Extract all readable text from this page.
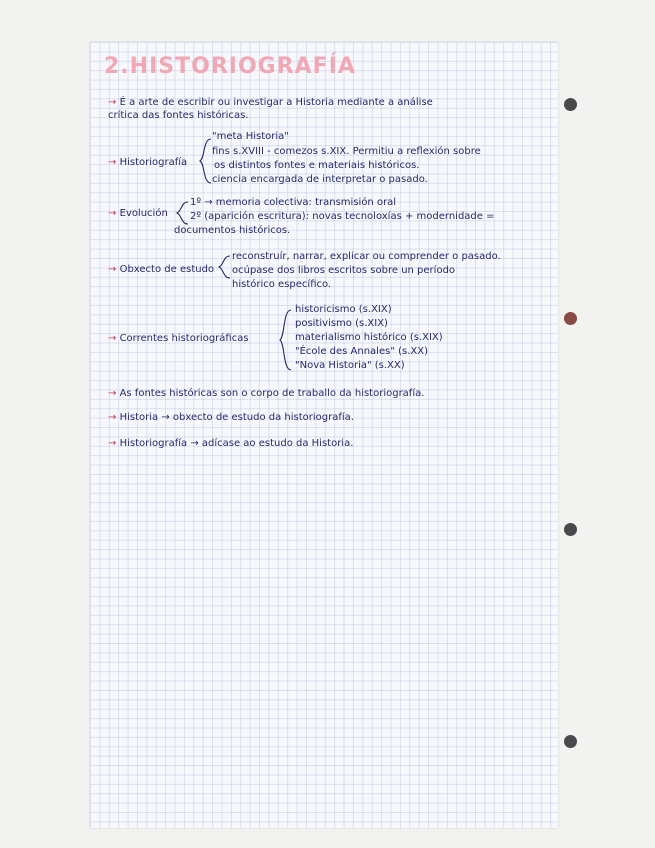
2.HISTORIOGRAFÍA
→ É a arte de escribir ou investigar a Historia mediante a análise
crítica das fontes históricas.
→ Historiografía
"meta Historia"
fins s.XVIII - comezos s.XIX. Permitiu a reflexión sobre
os distintos fontes e materiais históricos.
ciencia encargada de interpretar o pasado.
→ Evolución
1º → memoria colectiva: transmisión oral
2º (aparición escritura): novas tecnoloxías + modernidade =
documentos históricos.
→ Obxecto de estudo
reconstruír, narrar, explicar ou comprender o pasado.
ocúpase dos libros escritos sobre un período
histórico específico.
→ Correntes historiográficas
historicismo (s.XIX)
positivismo (s.XIX)
materialismo histórico (s.XIX)
"École des Annales" (s.XX)
"Nova Historia" (s.XX)
→ As fontes históricas son o corpo de traballo da historiografía.
→ Historia → obxecto de estudo da historiografía.
→ Historiografía → adícase ao estudo da Historia.
